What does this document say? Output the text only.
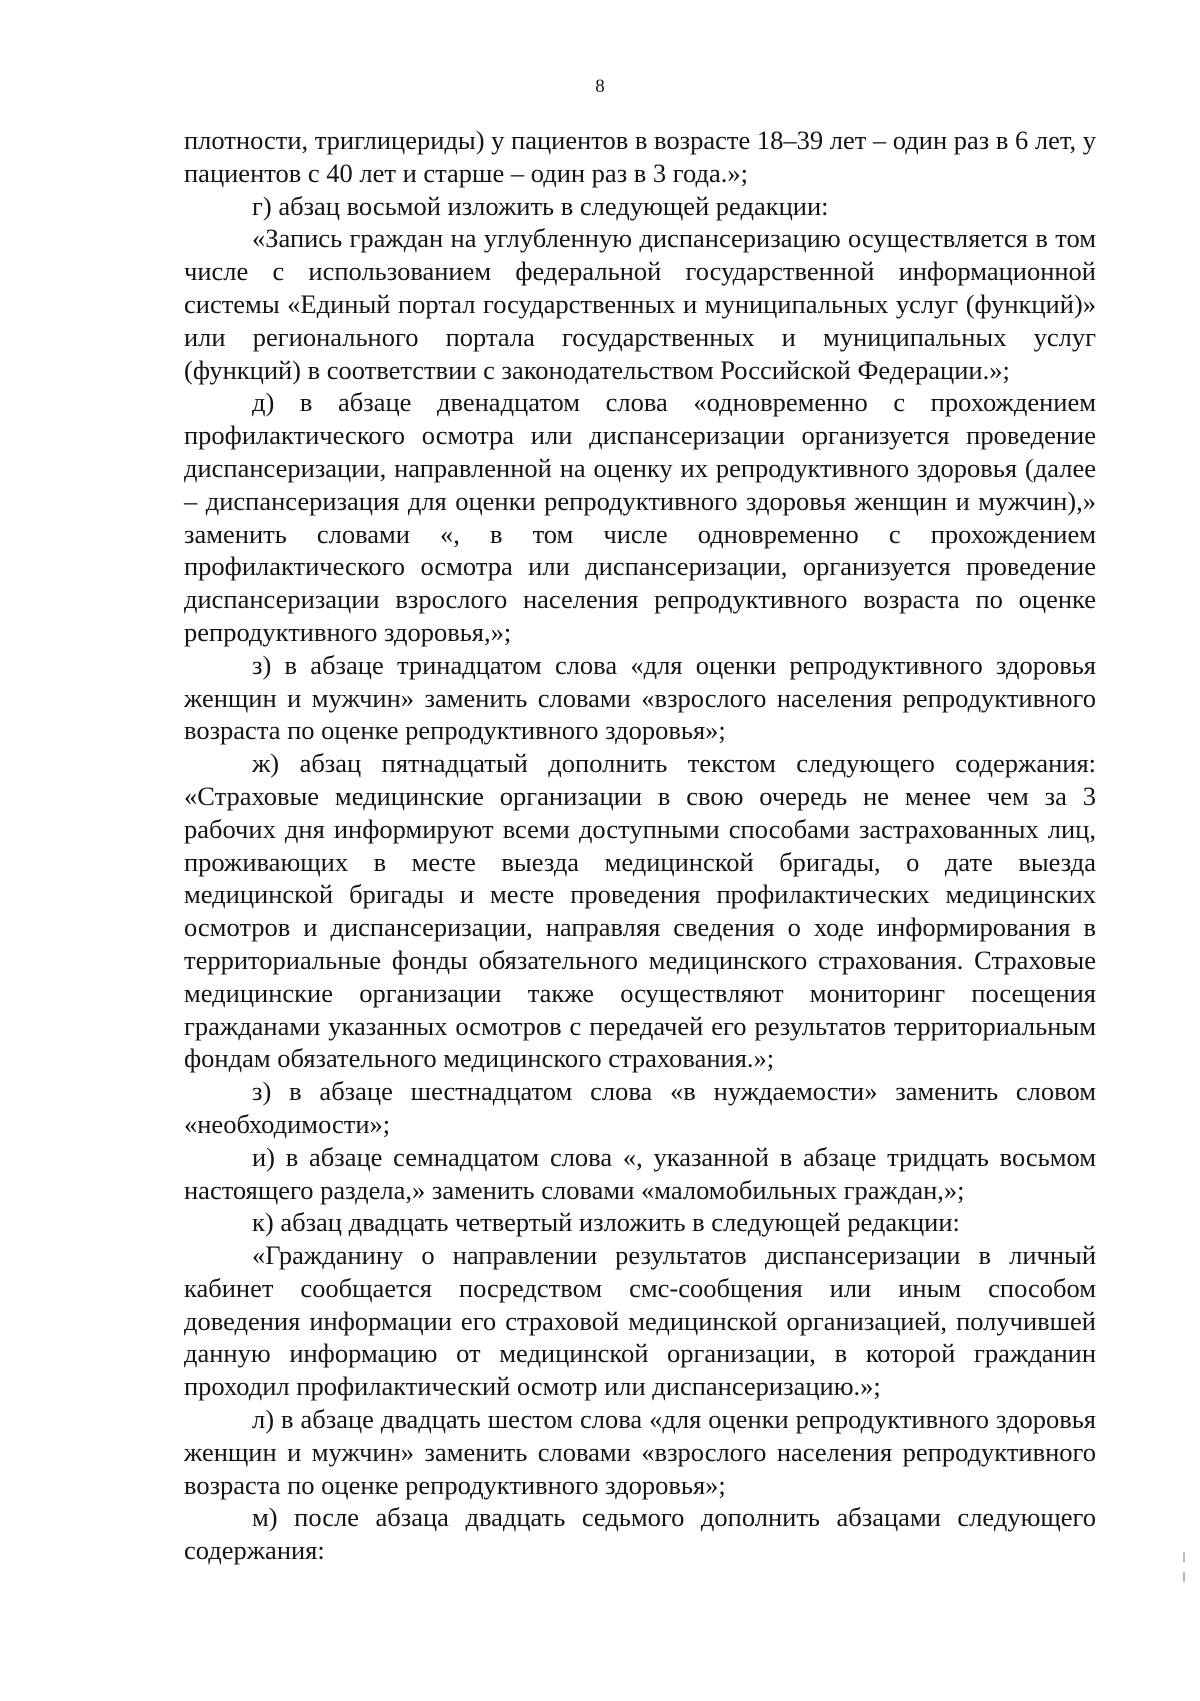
8

плотности, триглицериды) у пациентов в возрасте 18–39 лет – один раз в 6 лет, у пациентов с 40 лет и старше – один раз в 3 года.»;

г) абзац восьмой изложить в следующей редакции:

«Запись граждан на углубленную диспансеризацию осуществляется в том числе с использованием федеральной государственной информационной системы «Единый портал государственных и муниципальных услуг (функций)» или регионального портала государственных и муниципальных услуг (функций) в соответствии с законодательством Российской Федерации.»;

д) в абзаце двенадцатом слова «одновременно с прохождением профилактического осмотра или диспансеризации организуется проведение диспансеризации, направленной на оценку их репродуктивного здоровья (далее – диспансеризация для оценки репродуктивного здоровья женщин и мужчин),» заменить словами «, в том числе одновременно с прохождением профилактического осмотра или диспансеризации, организуется проведение диспансеризации взрослого населения репродуктивного возраста по оценке репродуктивного здоровья,»;

з) в абзаце тринадцатом слова «для оценки репродуктивного здоровья женщин и мужчин» заменить словами «взрослого населения репродуктивного возраста по оценке репродуктивного здоровья»;

ж) абзац пятнадцатый дополнить текстом следующего содержания: «Страховые медицинские организации в свою очередь не менее чем за 3 рабочих дня информируют всеми доступными способами застрахованных лиц, проживающих в месте выезда медицинской бригады, о дате выезда медицинской бригады и месте проведения профилактических медицинских осмотров и диспансеризации, направляя сведения о ходе информирования в территориальные фонды обязательного медицинского страхования. Страховые медицинские организации также осуществляют мониторинг посещения гражданами указанных осмотров с передачей его результатов территориальным фондам обязательного медицинского страхования.»;

з) в абзаце шестнадцатом слова «в нуждаемости» заменить словом «необходимости»;

и) в абзаце семнадцатом слова «, указанной в абзаце тридцать восьмом настоящего раздела,» заменить словами «маломобильных граждан,»;

к) абзац двадцать четвертый изложить в следующей редакции:

«Гражданину о направлении результатов диспансеризации в личный кабинет сообщается посредством смс-сообщения или иным способом доведения информации его страховой медицинской организацией, получившей данную информацию от медицинской организации, в которой гражданин проходил профилактический осмотр или диспансеризацию.»;

л) в абзаце двадцать шестом слова «для оценки репродуктивного здоровья женщин и мужчин» заменить словами «взрослого населения репродуктивного возраста по оценке репродуктивного здоровья»;

м) после абзаца двадцать седьмого дополнить абзацами следующего содержания:
